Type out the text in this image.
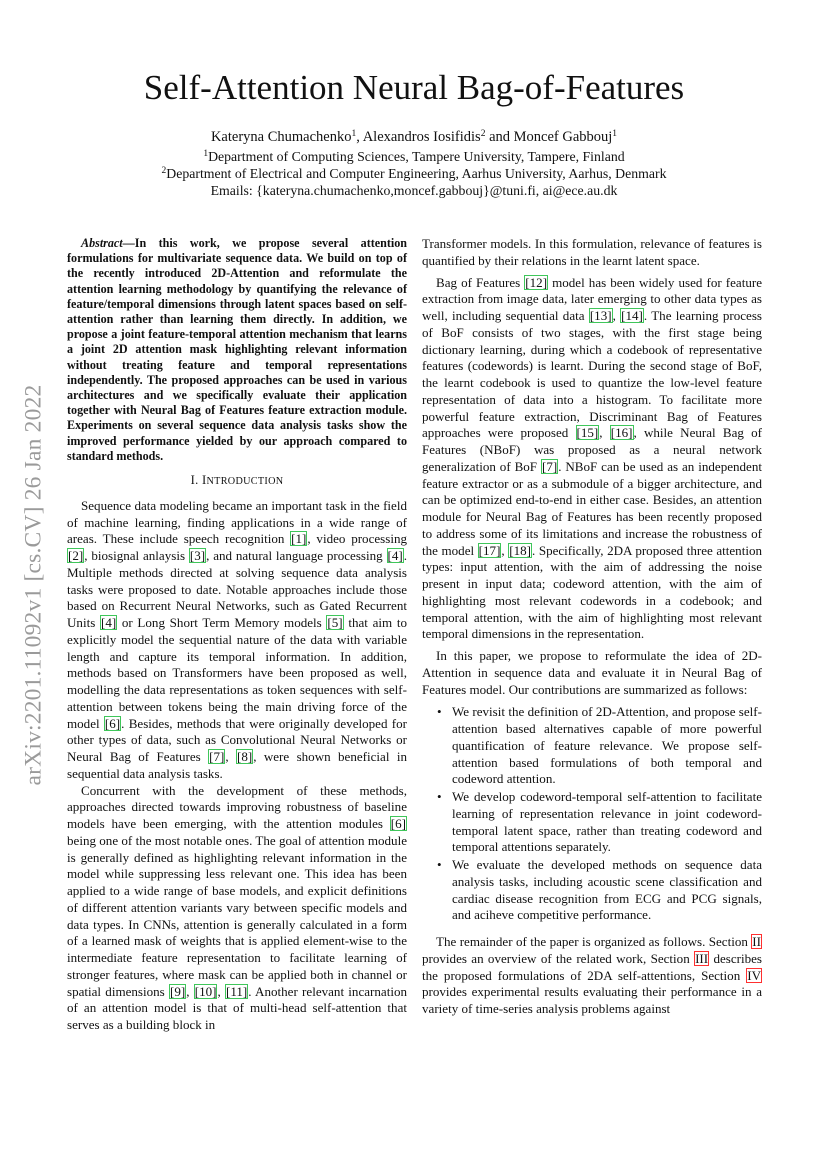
arXiv:2201.11092v1 [cs.CV] 26 Jan 2022
Self-Attention Neural Bag-of-Features
Kateryna Chumachenko$^1$, Alexandros Iosifidis$^2$ and Moncef Gabbouj$^1$
$^1$Department of Computing Sciences, Tampere University, Tampere, Finland
$^2$Department of Electrical and Computer Engineering, Aarhus University, Aarhus, Denmark
Emails: {kateryna.chumachenko,moncef.gabbouj}@tuni.fi, ai@ece.au.dk

Abstract—In this work, we propose several attention formulations for multivariate sequence data. We build on top of the recently introduced 2D-Attention and reformulate the attention learning methodology by quantifying the relevance of feature/temporal dimensions through latent spaces based on self-attention rather than learning them directly. In addition, we propose a joint feature-temporal attention mechanism that learns a joint 2D attention mask highlighting relevant information without treating feature and temporal representations independently. The proposed approaches can be used in various architectures and we specifically evaluate their application together with Neural Bag of Features feature extraction module. Experiments on several sequence data analysis tasks show the improved performance yielded by our approach compared to standard methods.

I. INTRODUCTION

Sequence data modeling became an important task in the field of machine learning, finding applications in a wide range of areas. These include speech recognition [1], video processing [2], biosignal anlaysis [3], and natural language processing [4]. Multiple methods directed at solving sequence data analysis tasks were proposed to date. Notable approaches include those based on Recurrent Neural Networks, such as Gated Recurrent Units [4] or Long Short Term Memory models [5] that aim to explicitly model the sequential nature of the data with variable length and capture its temporal information. In addition, methods based on Transformers have been proposed as well, modelling the data representations as token sequences with self-attention between tokens being the main driving force of the model [6]. Besides, methods that were originally developed for other types of data, such as Convolutional Neural Networks or Neural Bag of Features [7], [8], were shown beneficial in sequential data analysis tasks.

Concurrent with the development of these methods, approaches directed towards improving robustness of baseline models have been emerging, with the attention modules [6] being one of the most notable ones. The goal of attention module is generally defined as highlighting relevant information in the model while suppressing less relevant one. This idea has been applied to a wide range of base models, and explicit definitions of different attention variants vary between specific models and data types. In CNNs, attention is generally calculated in a form of a learned mask of weights that is applied element-wise to the intermediate feature representation to facilitate learning of stronger features, where mask can be applied both in channel or spatial dimensions [9], [10], [11]. Another relevant incarnation of an attention model is that of multi-head self-attention that serves as a building block in

Transformer models. In this formulation, relevance of features is quantified by their relations in the learnt latent space.

Bag of Features [12] model has been widely used for feature extraction from image data, later emerging to other data types as well, including sequential data [13], [14]. The learning process of BoF consists of two stages, with the first stage being dictionary learning, during which a codebook of representative features (codewords) is learnt. During the second stage of BoF, the learnt codebook is used to quantize the low-level feature representation of data into a histogram. To facilitate more powerful feature extraction, Discriminant Bag of Features approaches were proposed [15], [16], while Neural Bag of Features (NBoF) was proposed as a neural network generalization of BoF [7]. NBoF can be used as an independent feature extractor or as a submodule of a bigger architecture, and can be optimized end-to-end in either case. Besides, an attention module for Neural Bag of Features has been recently proposed to address some of its limitations and increase the robustness of the model [17], [18]. Specifically, 2DA proposed three attention types: input attention, with the aim of addressing the noise present in input data; codeword attention, with the aim of highlighting most relevant codewords in a codebook; and temporal attention, with the aim of highlighting most relevant temporal dimensions in the representation.

In this paper, we propose to reformulate the idea of 2D-Attention in sequence data and evaluate it in Neural Bag of Features model. Our contributions are summarized as follows:

• We revisit the definition of 2D-Attention, and propose self-attention based alternatives capable of more powerful quantification of feature relevance. We propose self-attention based formulations of both temporal and codeword attention.
• We develop codeword-temporal self-attention to facilitate learning of representation relevance in joint codeword-temporal latent space, rather than treating codeword and temporal attentions separately.
• We evaluate the developed methods on sequence data analysis tasks, including acoustic scene classification and cardiac disease recognition from ECG and PCG signals, and aciheve competitive performance.

The remainder of the paper is organized as follows. Section II provides an overview of the related work, Section III describes the proposed formulations of 2DA self-attentions, Section IV provides experimental results evaluating their performance in a variety of time-series analysis problems against
